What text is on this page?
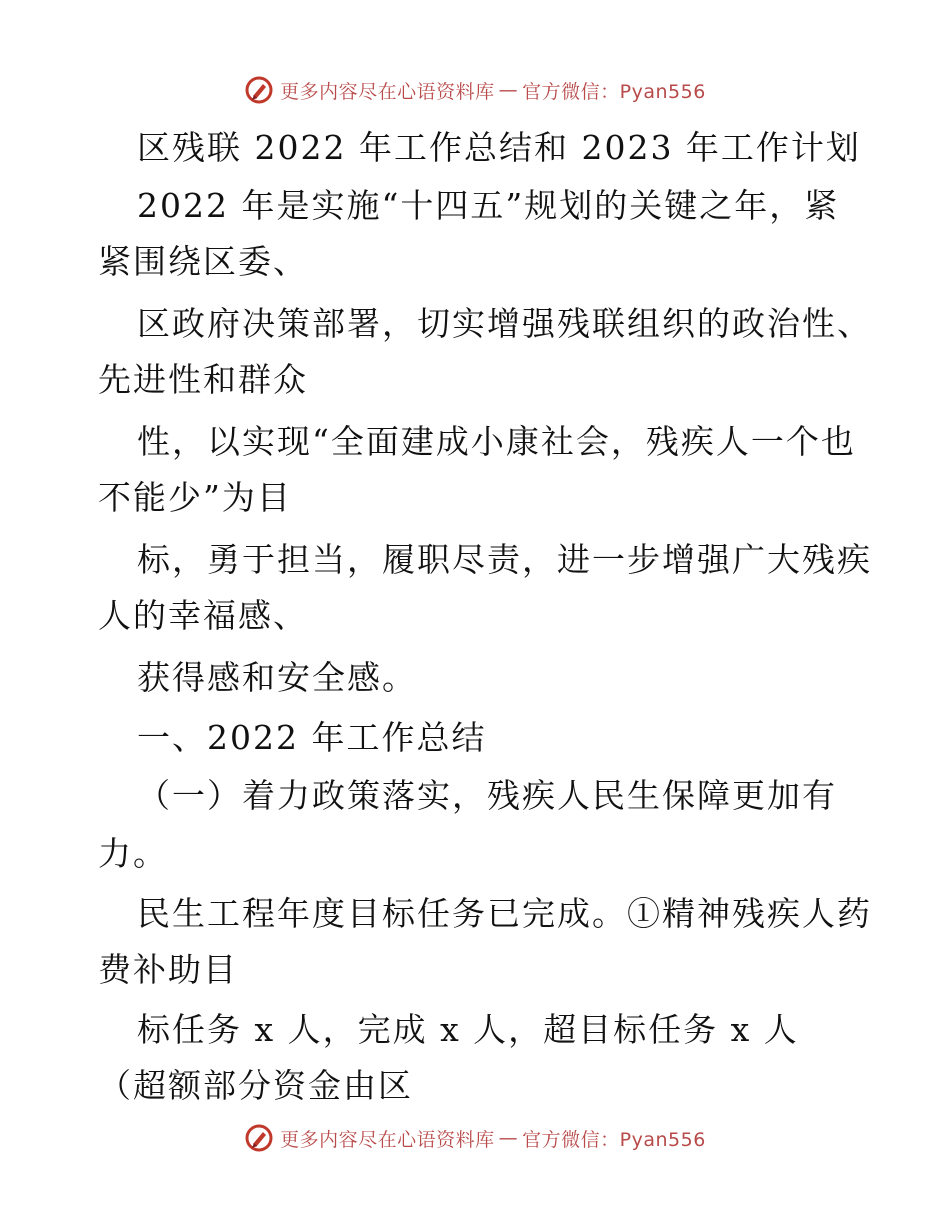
更多内容尽在心语资料库 — 官方微信：Pyan556
区残联 2022 年工作总结和 2023 年工作计划
2022 年是实施“十四五”规划的关键之年，紧
紧围绕区委、
区政府决策部署，切实增强残联组织的政治性、
先进性和群众
性，以实现“全面建成小康社会，残疾人一个也
不能少”为目
标，勇于担当，履职尽责，进一步增强广大残疾
人的幸福感、
获得感和安全感。
一、2022 年工作总结
（一）着力政策落实，残疾人民生保障更加有
力。
民生工程年度目标任务已完成。①精神残疾人药
费补助目
标任务 x 人，完成 x 人，超目标任务 x 人
（超额部分资金由区
更多内容尽在心语资料库 — 官方微信：Pyan556
